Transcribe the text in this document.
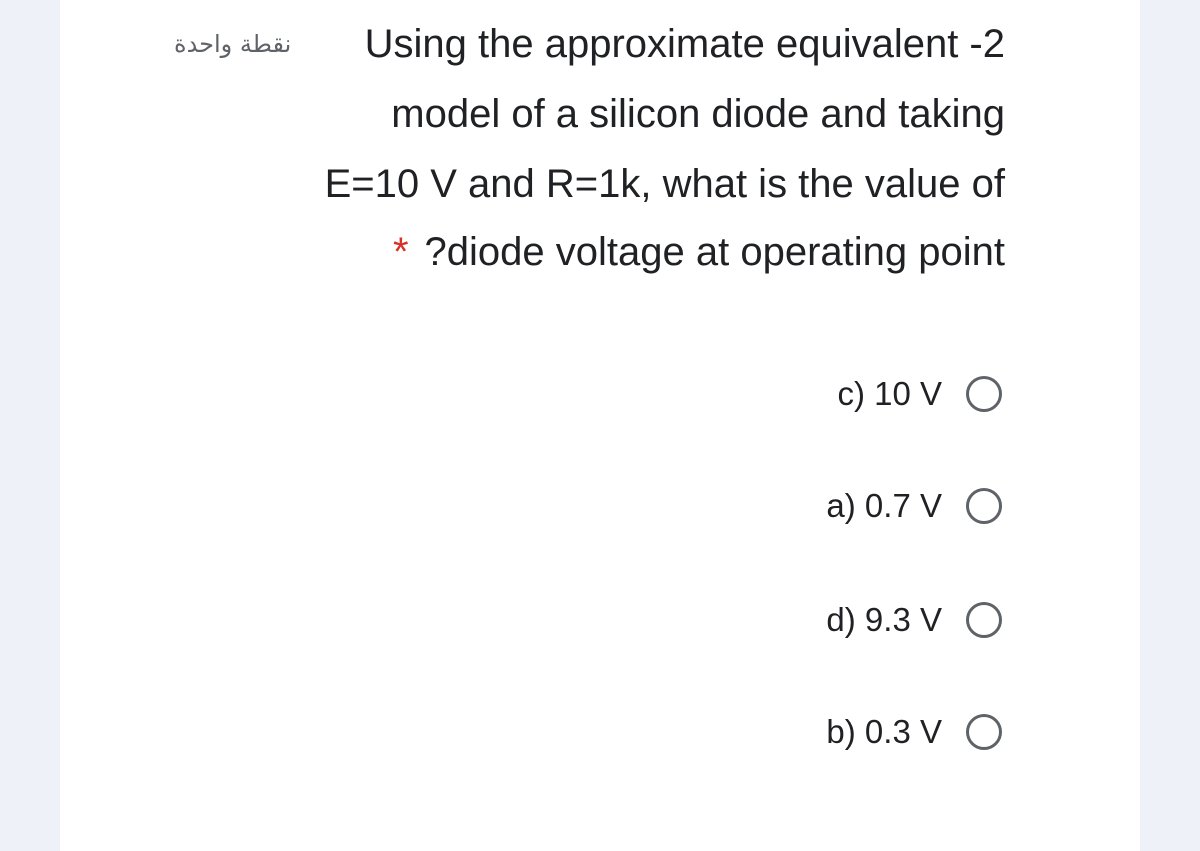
نقطة واحدة Using the approximate equivalent -2
model of a silicon diode and taking
E=10 V and R=1k, what is the value of
* ?diode voltage at operating point
c) 10 V
a) 0.7 V
d) 9.3 V
b) 0.3 V
